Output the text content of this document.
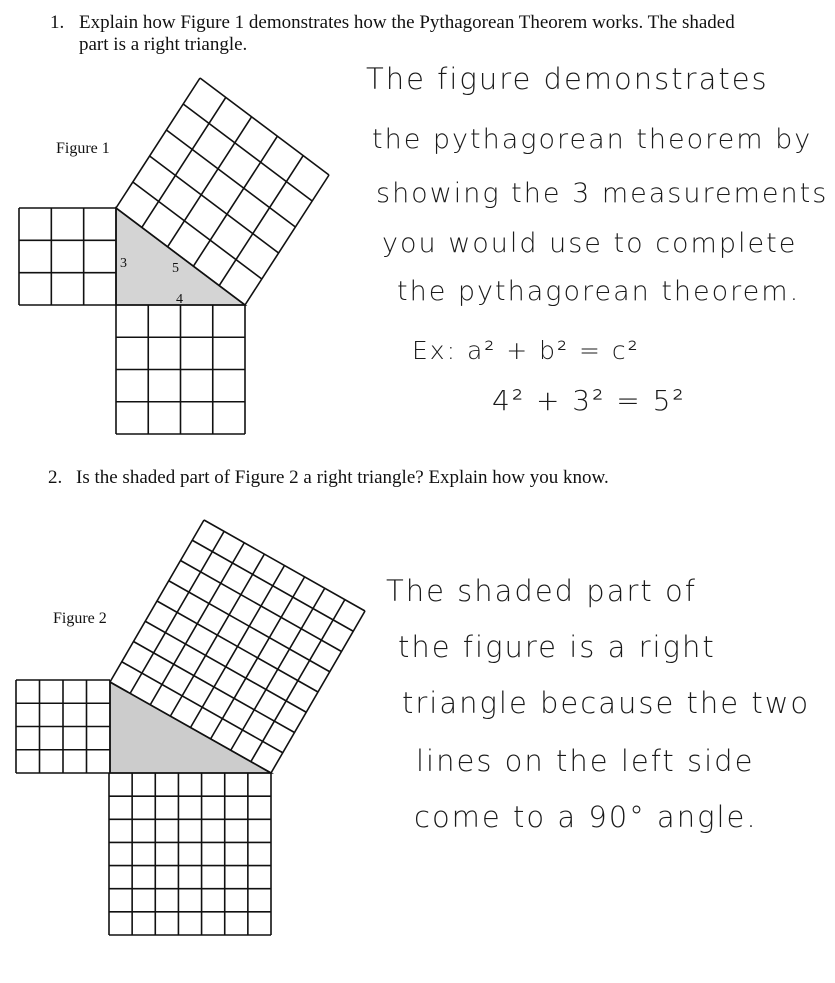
1. Explain how Figure 1 demonstrates how the Pythagorean Theorem works. The shaded
part is a right triangle.
Figure 1
2. Is the shaded part of Figure 2 a right triangle? Explain how you know.
Figure 2
3	5
4
The figure demonstrates
the pythagorean theorem by
showing the 3 measurements
you would use to complete
the pythagorean theorem.
Ex: a² + b² = c²
4² + 3² = 5²
The shaded part of
the figure is a right
triangle because the two
lines on the left side
come to a 90° angle.
